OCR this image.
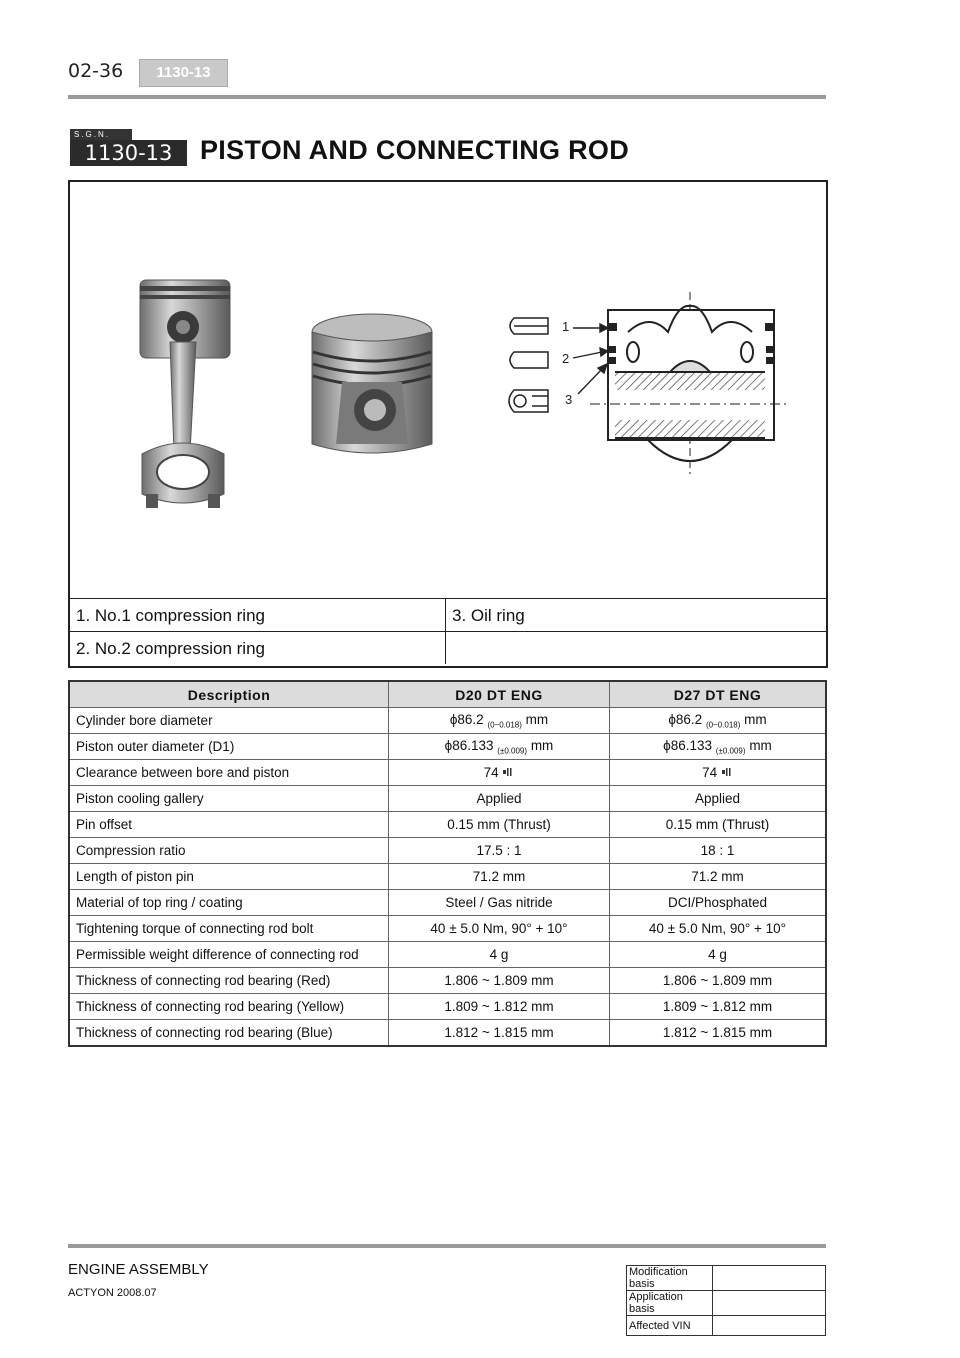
02-36	1130-13
S.G.N.
1130-13	PISTON AND CONNECTING ROD
1
2
3
1. No.1 compression ring	3. Oil ring
2. No.2 compression ring
Description	D20 DT ENG	D27 DT ENG
Cylinder bore diameter	ϕ86.2 $_{(0\sim 0.018)}$ mm	ϕ86.2 $_{(0\sim 0.018)}$ mm
Piston outer diameter (D1)	ϕ86.133 $_{(\pm 0.009)}$ mm	ϕ86.133 $_{(\pm 0.009)}$ mm
Clearance between bore and piston	74	74
Piston cooling gallery	Applied	Applied
Pin offset	0.15 mm (Thrust)	0.15 mm (Thrust)
Compression ratio	17.5 : 1	18 : 1
Length of piston pin	71.2 mm	71.2 mm
Material of top ring / coating	Steel / Gas nitride	DCI/Phosphated
Tightening torque of connecting rod bolt	40 ± 5.0 Nm, 90° + 10°	40 ± 5.0 Nm, 90° + 10°
Permissible weight difference of connecting rod	4 g	4 g
Thickness of connecting rod bearing (Red)	1.806 ~ 1.809 mm	1.806 ~ 1.809 mm
Thickness of connecting rod bearing (Yellow)	1.809 ~ 1.812 mm	1.809 ~ 1.812 mm
Thickness of connecting rod bearing (Blue)	1.812 ~ 1.815 mm	1.812 ~ 1.815 mm
ENGINE ASSEMBLY
ACTYON 2008.07
Modification basis	
Application basis	
Affected VIN	
